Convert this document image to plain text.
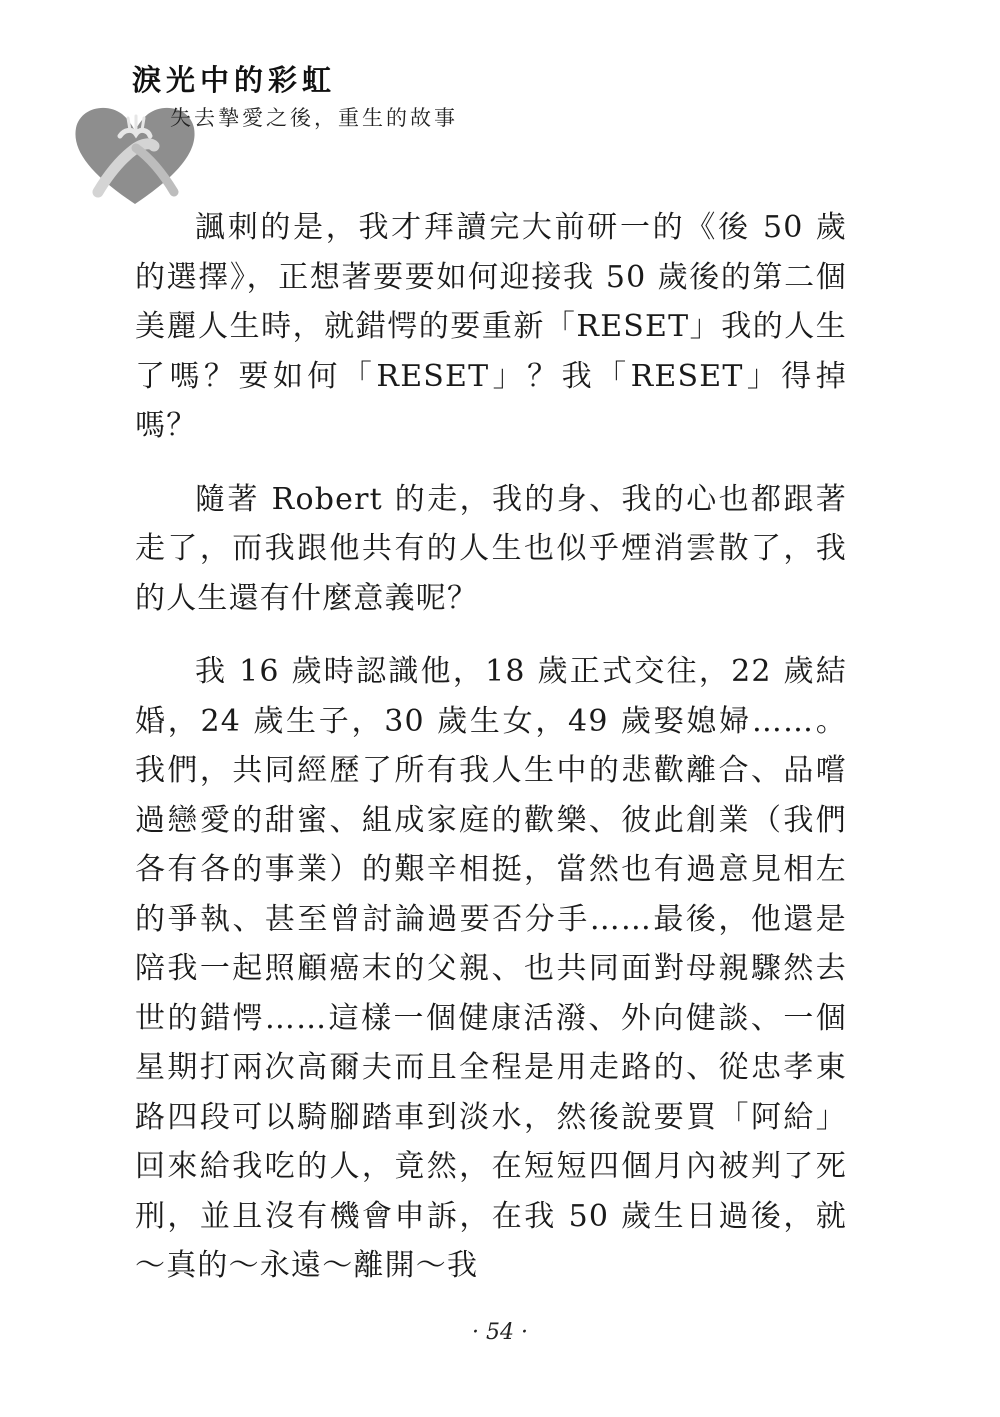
淚光中的彩虹
失去摯愛之後，重生的故事

諷刺的是，我才拜讀完大前研一的《後 50 歲的選擇》，正想著要要如何迎接我 50 歲後的第二個美麗人生時，就錯愕的要重新「RESET」我的人生了嗎？要如何「RESET」？我「RESET」得掉嗎？

隨著 Robert 的走，我的身、我的心也都跟著走了，而我跟他共有的人生也似乎煙消雲散了，我的人生還有什麼意義呢？

我 16 歲時認識他，18 歲正式交往，22 歲結婚，24 歲生子，30 歲生女，49 歲娶媳婦……。我們，共同經歷了所有我人生中的悲歡離合、品嚐過戀愛的甜蜜、組成家庭的歡樂、彼此創業（我們各有各的事業）的艱辛相挺，當然也有過意見相左的爭執、甚至曾討論過要否分手……最後，他還是陪我一起照顧癌末的父親、也共同面對母親驟然去世的錯愕……這樣一個健康活潑、外向健談、一個星期打兩次高爾夫而且全程是用走路的、從忠孝東路四段可以騎腳踏車到淡水，然後說要買「阿給」回來給我吃的人，竟然，在短短四個月內被判了死刑，並且沒有機會申訴，在我 50 歲生日過後，就～真的～永遠～離開～我

· 54 ·
